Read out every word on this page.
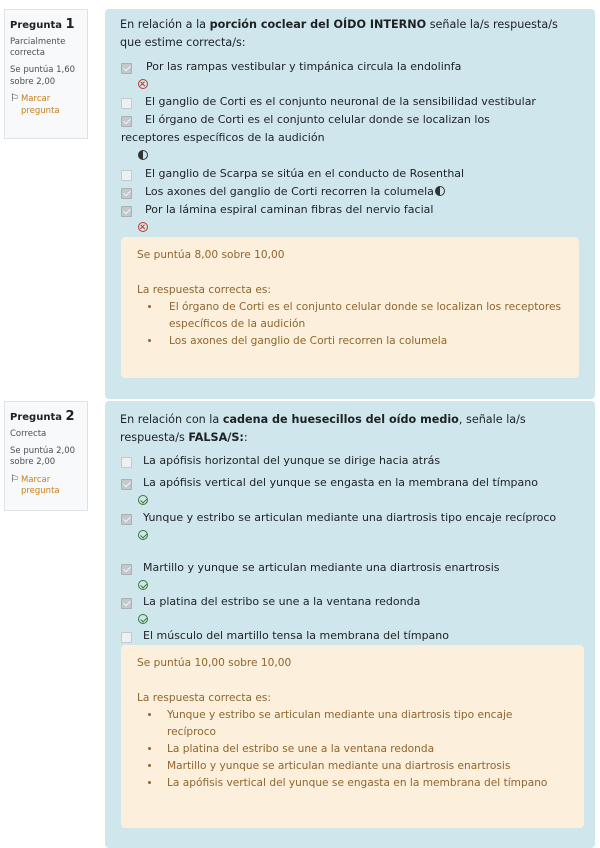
Pregunta 1
Parcialmente correcta
Se puntúa 1,60 sobre 2,00
⚐ Marcar pregunta
En relación a la porción coclear del OÍDO INTERNO señale la/s respuesta/s que estime correcta/s:
Por las rampas vestibular y timpánica circula la endolinfa
El ganglio de Corti es el conjunto neuronal de la sensibilidad vestibular
El órgano de Corti es el conjunto celular donde se localizan los receptores específicos de la audición
El ganglio de Scarpa se sitúa en el conducto de Rosenthal
Los axones del ganglio de Corti recorren la columela
Por la lámina espiral caminan fibras del nervio facial
Se puntúa 8,00 sobre 10,00
La respuesta correcta es:
• El órgano de Corti es el conjunto celular donde se localizan los receptores específicos de la audición
• Los axones del ganglio de Corti recorren la columela
Pregunta 2
Correcta
Se puntúa 2,00 sobre 2,00
⚐ Marcar pregunta
En relación con la cadena de huesecillos del oído medio, señale la/s respuesta/s FALSA/S::
La apófisis horizontal del yunque se dirige hacia atrás
La apófisis vertical del yunque se engasta en la membrana del tímpano
Yunque y estribo se articulan mediante una diartrosis tipo encaje recíproco
Martillo y yunque se articulan mediante una diartrosis enartrosis
La platina del estribo se une a la ventana redonda
El músculo del martillo tensa la membrana del tímpano
Se puntúa 10,00 sobre 10,00
La respuesta correcta es:
• Yunque y estribo se articulan mediante una diartrosis tipo encaje recíproco
• La platina del estribo se une a la ventana redonda
• Martillo y yunque se articulan mediante una diartrosis enartrosis
• La apófisis vertical del yunque se engasta en la membrana del tímpano
